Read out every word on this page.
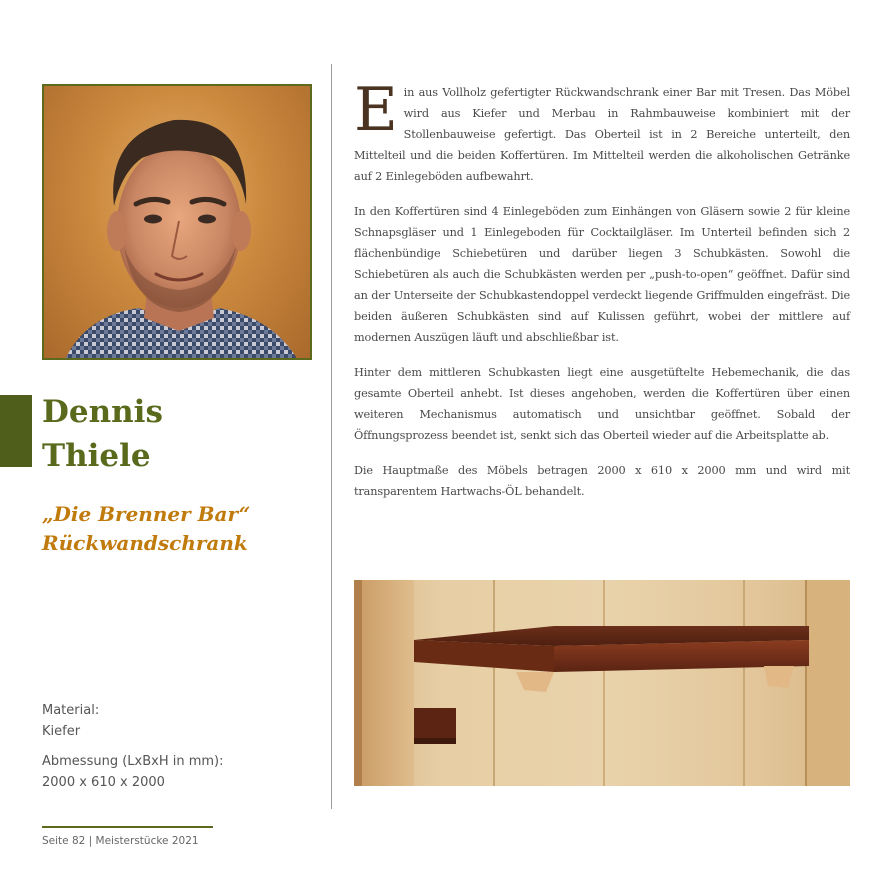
Dennis
Thiele
„Die Brenner Bar“
Rückwandschrank
Material:
Kiefer
Abmessung (LxBxH in mm):
2000 x 610 x 2000
Seite 82 | Meisterstücke 2021

Ein aus Vollholz gefertigter Rückwandschrank einer Bar mit Tresen. Das Möbel wird aus Kiefer und Merbau in Rahmbauweise kombiniert mit der Stollenbauweise gefertigt. Das Oberteil ist in 2 Bereiche unterteilt, den Mittelteil und die beiden Koffertüren. Im Mittelteil werden die alkoholischen Getränke auf 2 Einlegeböden aufbewahrt.

In den Koffertüren sind 4 Einlegeböden zum Einhängen von Gläsern sowie 2 für kleine Schnapsgläser und 1 Einlegeboden für Cocktailgläser. Im Unterteil befinden sich 2 flächenbündige Schiebetüren und darüber liegen 3 Schubkästen. Sowohl die Schiebetüren als auch die Schubkästen werden per „push-to-open“ geöffnet. Dafür sind an der Unterseite der Schubkastendoppel verdeckt liegende Griffmulden eingefräst. Die beiden äußeren Schubkästen sind auf Kulissen geführt, wobei der mittlere auf modernen Auszügen läuft und abschließbar ist.

Hinter dem mittleren Schubkasten liegt eine ausgetüftelte Hebemechanik, die das gesamte Oberteil anhebt. Ist dieses angehoben, werden die Koffertüren über einen weiteren Mechanismus automatisch und unsichtbar geöffnet. Sobald der Öffnungsprozess beendet ist, senkt sich das Oberteil wieder auf die Arbeitsplatte ab.

Die Hauptmaße des Möbels betragen 2000 x 610 x 2000 mm und wird mit transparentem Hartwachs-ÖL behandelt.
